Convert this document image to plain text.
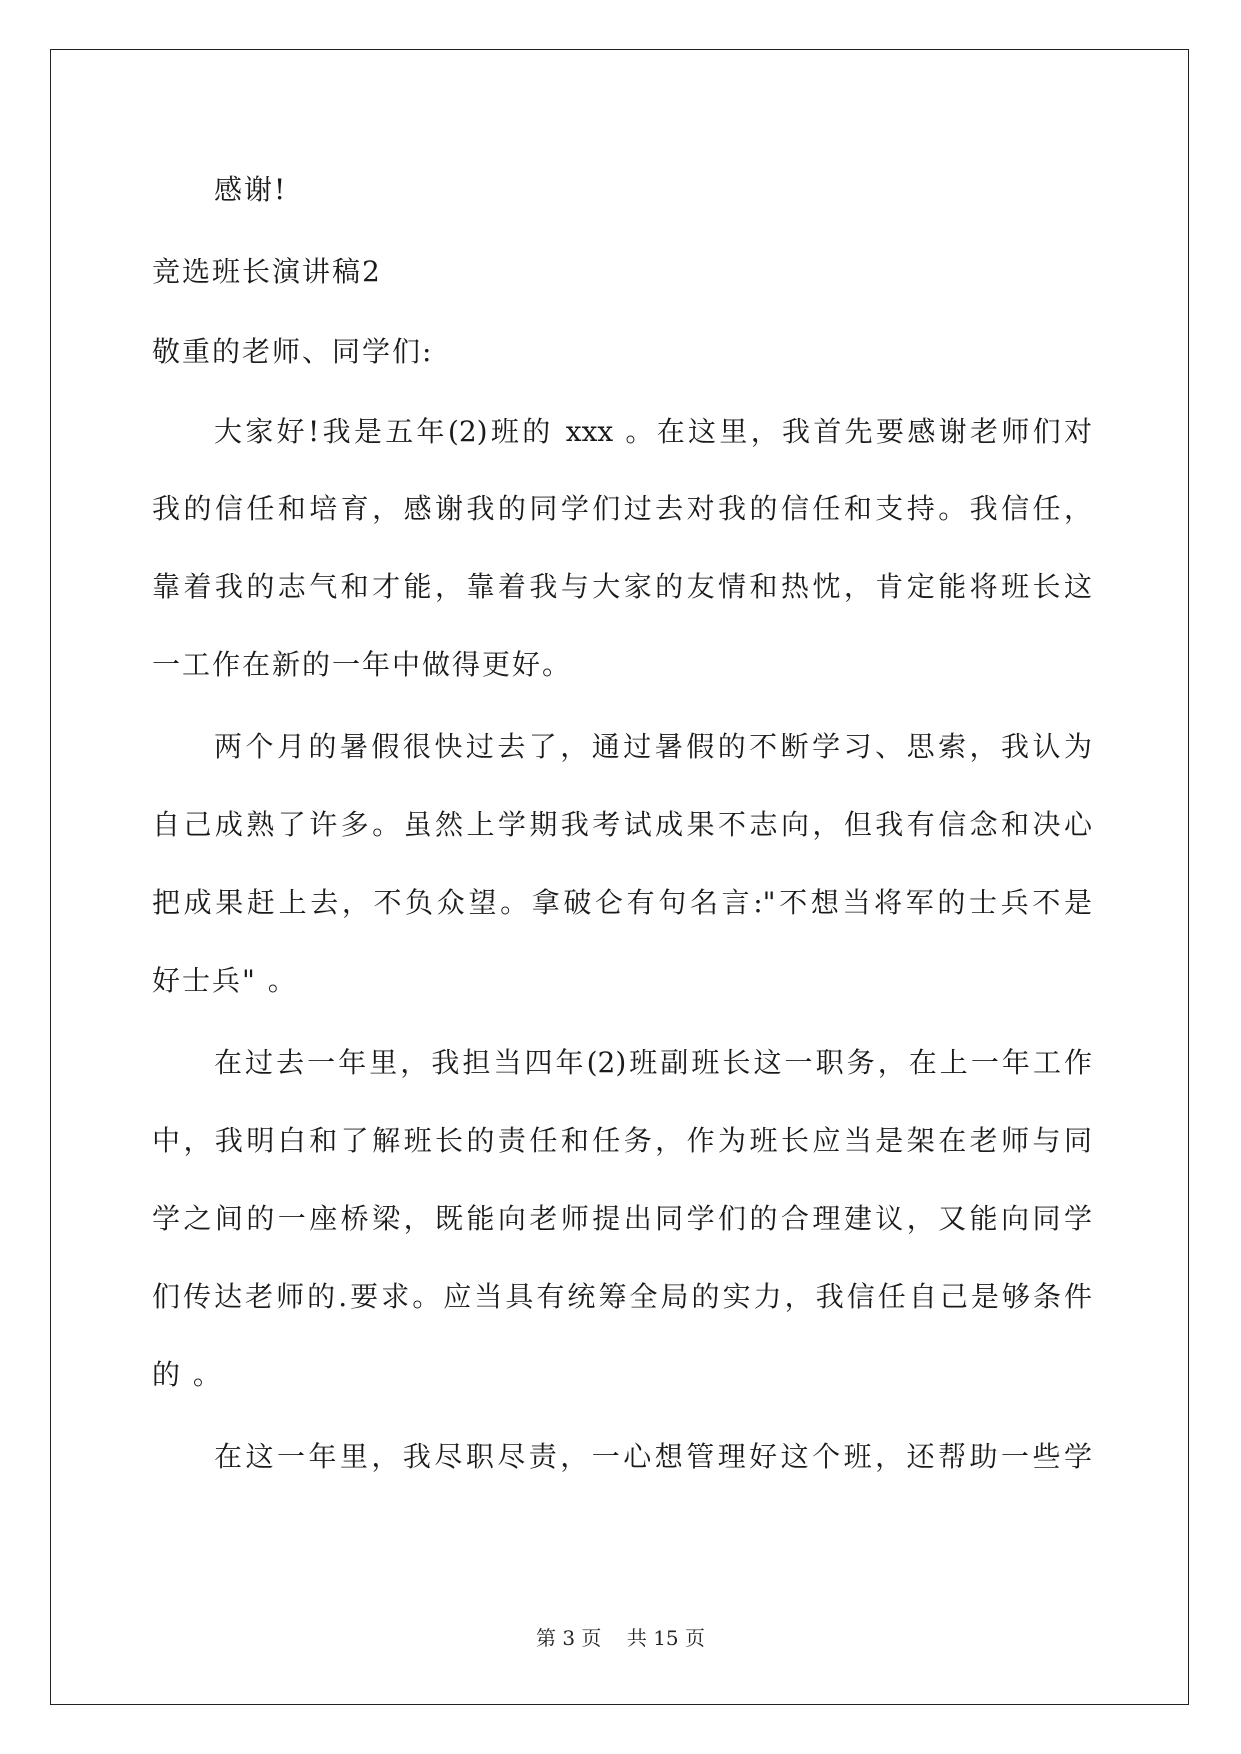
感谢!
竞选班长演讲稿2
敬重的老师、同学们:
大家好!我是五年(2)班的 xxx 。在这里，我首先要感谢老师们对
我的信任和培育，感谢我的同学们过去对我的信任和支持。我信任，
靠着我的志气和才能，靠着我与大家的友情和热忱，肯定能将班长这
一工作在新的一年中做得更好。
两个月的暑假很快过去了，通过暑假的不断学习、思索，我认为
自己成熟了许多。虽然上学期我考试成果不志向，但我有信念和决心
把成果赶上去，不负众望。拿破仑有句名言:"不想当将军的士兵不是
好士兵" 。
在过去一年里，我担当四年(2)班副班长这一职务，在上一年工作
中，我明白和了解班长的责任和任务，作为班长应当是架在老师与同
学之间的一座桥梁，既能向老师提出同学们的合理建议，又能向同学
们传达老师的.要求。应当具有统筹全局的实力，我信任自己是够条件
的 。
在这一年里，我尽职尽责，一心想管理好这个班，还帮助一些学
第 3 页    共 15 页
